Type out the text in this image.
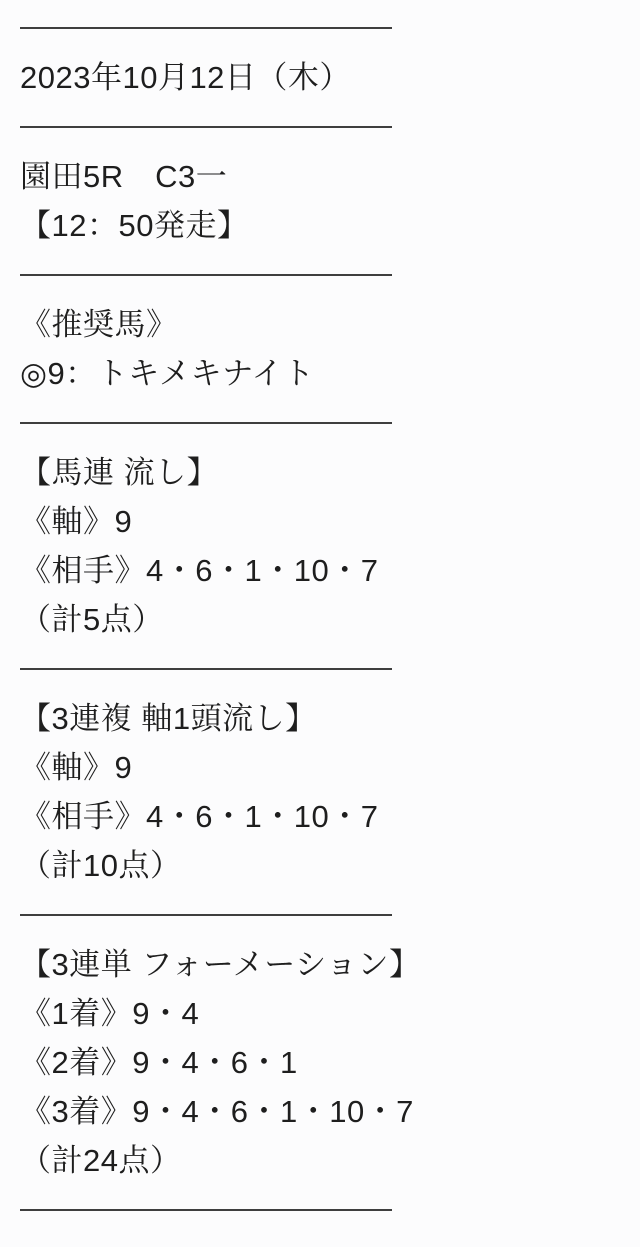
2023年10月12日（木）
園田5R　C3一
【12：50発走】
《推奨馬》
◎9：トキメキナイト
【馬連 流し】
《軸》9
《相手》4・6・1・10・7
（計5点）
【3連複 軸1頭流し】
《軸》9
《相手》4・6・1・10・7
（計10点）
【3連単 フォーメーション】
《1着》9・4
《2着》9・4・6・1
《3着》9・4・6・1・10・7
（計24点）
